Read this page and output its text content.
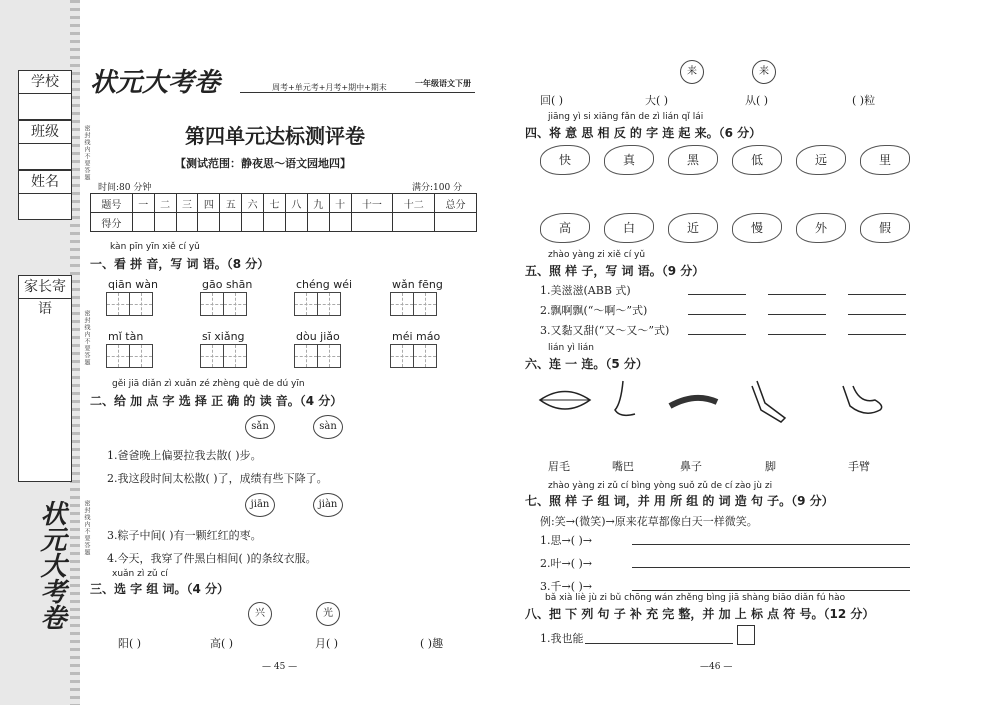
学校
班级
姓名
家长寄语
密封线内不要答题
密封线内不要答题
密封线内不要答题
状元大考卷
状元大考卷	周考+单元考+月考+期中+期末	一年级语文下册
第四单元达标测评卷
【测试范围：静夜思～语文园地四】
时间:80 分钟	满分:100 分
题号	一	二	三	四	五	六	七	八	九	十	十一	十二	总分
得分													
kàn pīn yīn xiě cí yǔ
一、看 拼 音，写 词 语。（8 分）
qiān wàn	gāo shān	chéng wéi	wǎn fēng
mǐ tàn	sī xiǎng	dòu jiǎo	méi máo
gěi jiā diǎn zì xuǎn zé zhèng què de dú yīn
二、给 加 点 字 选 择 正 确 的 读 音。（4 分）
sǎn	sàn
1.爸爸晚上偏要拉我去散( )步。
2.我这段时间太松散( )了，成绩有些下降了。
jiān	jiàn
3.粽子中间( )有一颗红红的枣。
4.今天，我穿了件黑白相间( )的条纹衣服。
xuǎn zì zǔ cí
三、选 字 组 词。（4 分）
兴	光
阳( )	高( )	月( )	( )趣
— 45 —
来	来
回( )	大( )	从( )	( )粒
jiāng yì si xiāng fǎn de zì lián qǐ lái
四、将 意 思 相 反 的 字 连 起 来。（6 分）
快	真	黑	低	远	里
高	白	近	慢	外	假
zhào yàng zi xiě cí yǔ
五、照 样 子，写 词 语。（9 分）
1.美滋滋(ABB 式)
2.飘啊飘(“～啊～”式)
3.又黏又甜(“又～又～”式)
lián yì lián
六、连 一 连。（5 分）
眉毛	嘴巴	鼻子	脚	手臂
zhào yàng zi zǔ cí bìng yòng suǒ zǔ de cí zào jù zi
七、照 样 子 组 词，并 用 所 组 的 词 造 句 子。（9 分）
例:笑→(微笑)→原来花草都像白天一样微笑。
1.思→( )→
2.叶→( )→
3.千→( )→
bǎ xià liè jù zi bǔ chōng wán zhěng bìng jiā shàng biāo diǎn fú hào
八、把 下 列 句 子 补 充 完 整，并 加 上 标 点 符 号。（12 分）
1.我也能
—46 —
